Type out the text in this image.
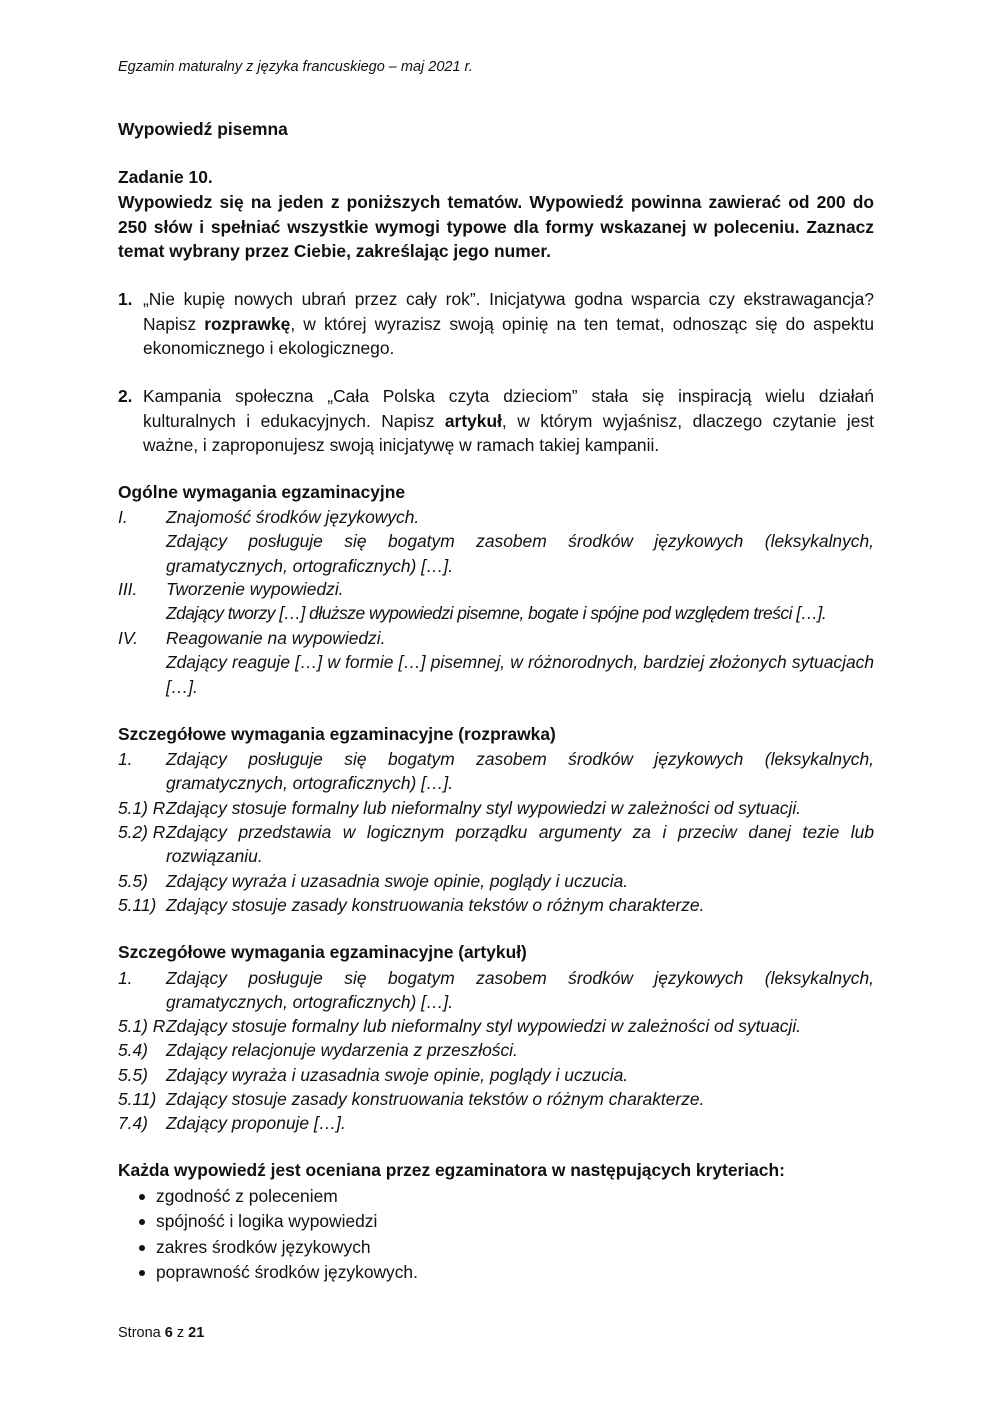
Egzamin maturalny z języka francuskiego – maj 2021 r.
Wypowiedź pisemna
Zadanie 10.
Wypowiedz się na jeden z poniższych tematów. Wypowiedź powinna zawierać od 200 do 250 słów i spełniać wszystkie wymogi typowe dla formy wskazanej w poleceniu. Zaznacz temat wybrany przez Ciebie, zakreślając jego numer.
1. „Nie kupię nowych ubrań przez cały rok”. Inicjatywa godna wsparcia czy ekstrawagancja? Napisz rozprawkę, w której wyrazisz swoją opinię na ten temat, odnosząc się do aspektu ekonomicznego i ekologicznego.
2. Kampania społeczna „Cała Polska czyta dzieciom” stała się inspiracją wielu działań kulturalnych i edukacyjnych. Napisz artykuł, w którym wyjaśnisz, dlaczego czytanie jest ważne, i zaproponujesz swoją inicjatywę w ramach takiej kampanii.
Ogólne wymagania egzaminacyjne
I. Znajomość środków językowych.
Zdający posługuje się bogatym zasobem środków językowych (leksykalnych, gramatycznych, ortograficznych) […].
III. Tworzenie wypowiedzi.
Zdający tworzy […] dłuższe wypowiedzi pisemne, bogate i spójne pod względem treści […].
IV. Reagowanie na wypowiedzi.
Zdający reaguje […] w formie […] pisemnej, w różnorodnych, bardziej złożonych sytuacjach […].
Szczegółowe wymagania egzaminacyjne (rozprawka)
1. Zdający posługuje się bogatym zasobem środków językowych (leksykalnych, gramatycznych, ortograficznych) […].
5.1) R Zdający stosuje formalny lub nieformalny styl wypowiedzi w zależności od sytuacji.
5.2) R Zdający przedstawia w logicznym porządku argumenty za i przeciw danej tezie lub rozwiązaniu.
5.5) Zdający wyraża i uzasadnia swoje opinie, poglądy i uczucia.
5.11) Zdający stosuje zasady konstruowania tekstów o różnym charakterze.
Szczegółowe wymagania egzaminacyjne (artykuł)
1. Zdający posługuje się bogatym zasobem środków językowych (leksykalnych, gramatycznych, ortograficznych) […].
5.1) R Zdający stosuje formalny lub nieformalny styl wypowiedzi w zależności od sytuacji.
5.4) Zdający relacjonuje wydarzenia z przeszłości.
5.5) Zdający wyraża i uzasadnia swoje opinie, poglądy i uczucia.
5.11) Zdający stosuje zasady konstruowania tekstów o różnym charakterze.
7.4) Zdający proponuje […].
Każda wypowiedź jest oceniana przez egzaminatora w następujących kryteriach:
zgodność z poleceniem
spójność i logika wypowiedzi
zakres środków językowych
poprawność środków językowych.
Strona 6 z 21
